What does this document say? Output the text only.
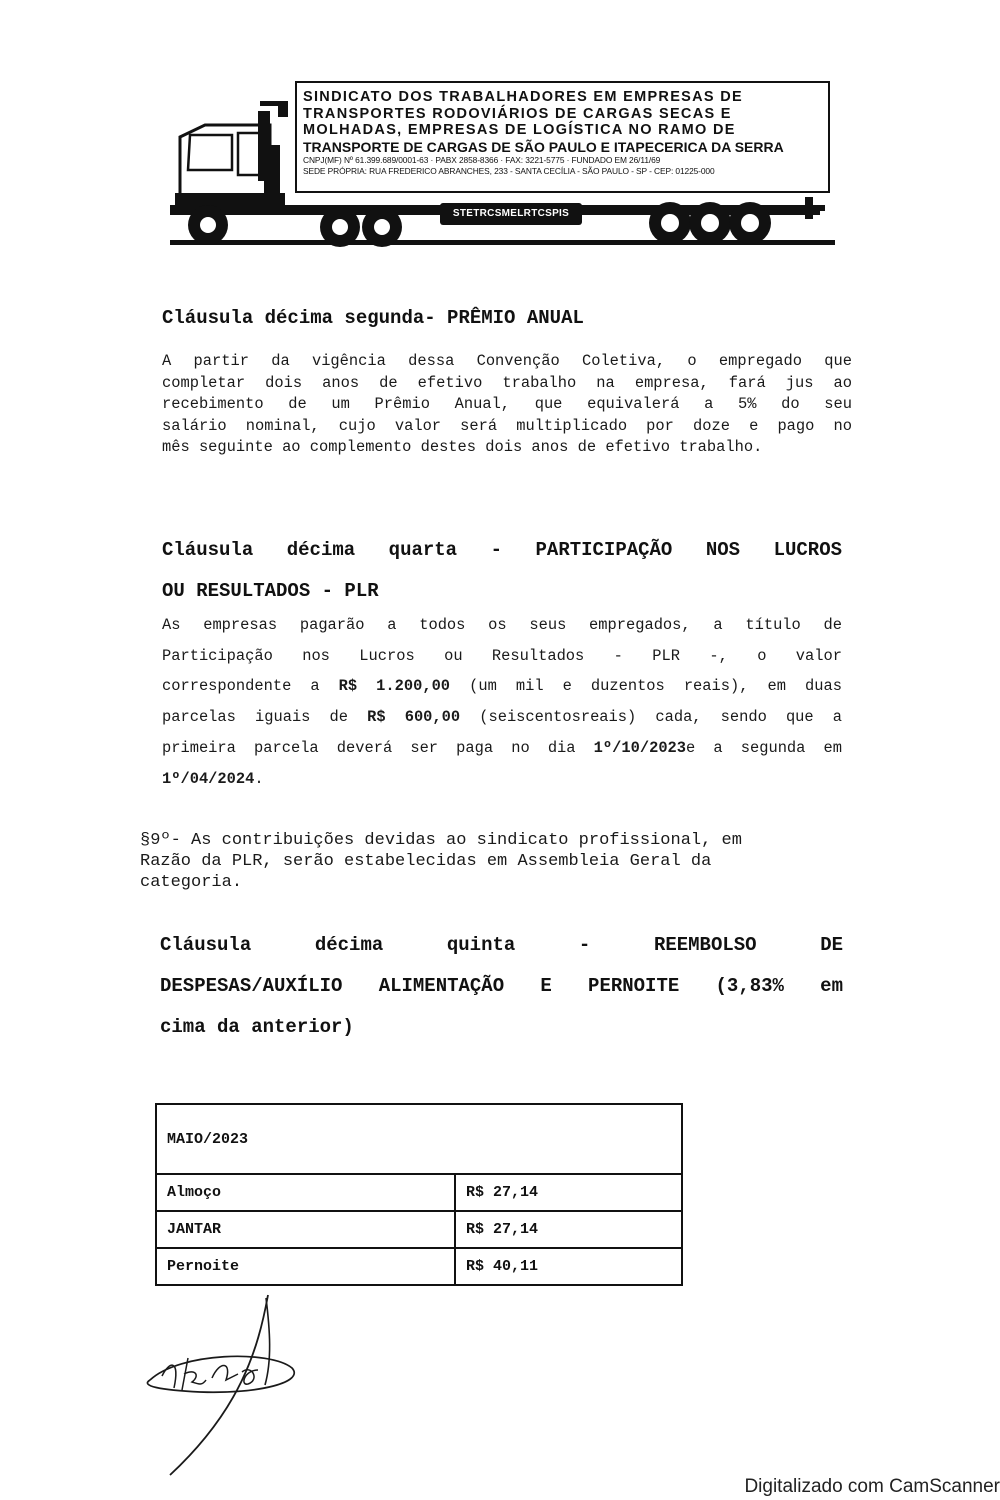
SINDICATO DOS TRABALHADORES EM EMPRESAS DE

TRANSPORTES RODOVIÁRIOS DE CARGAS SECAS E

MOLHADAS, EMPRESAS DE LOGÍSTICA NO RAMO DE

TRANSPORTE DE CARGAS DE SÃO PAULO E ITAPECERICA DA SERRA

CNPJ(MF) Nº 61.399.689/0001-63 · PABX 2858-8366 · FAX: 3221-5775 · FUNDADO EM 26/11/69

SEDE PRÓPRIA: RUA FREDERICO ABRANCHES, 233 - SANTA CECÍLIA - SÃO PAULO - SP - CEP: 01225-000

STETRCSMELRTCSPIS

Cláusula décima segunda- PRÊMIO ANUAL

A partir da vigência dessa Convenção Coletiva, o empregado que
completar dois anos de efetivo trabalho na empresa, fará jus ao
recebimento de um Prêmio Anual, que equivalerá a 5% do seu
salário nominal, cujo valor será multiplicado por doze e pago no
mês seguinte ao complemento destes dois anos de efetivo trabalho.
Cláusula décima quarta - PARTICIPAÇÃO NOS LUCROS
OU RESULTADOS - PLR
As empresas pagarão a todos os seus empregados, a título de
Participação nos Lucros ou Resultados - PLR -, o valor
correspondente a R$ 1.200,00 (um mil e duzentos reais), em duas
parcelas iguais de R$ 600,00 (seiscentosreais) cada, sendo que a
primeira parcela deverá ser paga no dia 1º/10/2023e a segunda em
1º/04/2024.
§9º- As contribuições devidas ao sindicato profissional, em
Razão da PLR, serão estabelecidas em Assembleia Geral da
categoria.
Cláusula décima quinta - REEMBOLSO DE
DESPESAS/AUXÍLIO ALIMENTAÇÃO E PERNOITE (3,83% em
cima da anterior)
MAIO/2023	
Almoço	R$ 27,14
JANTAR	R$ 27,14
Pernoite	R$ 40,11
Digitalizado com CamScanner
